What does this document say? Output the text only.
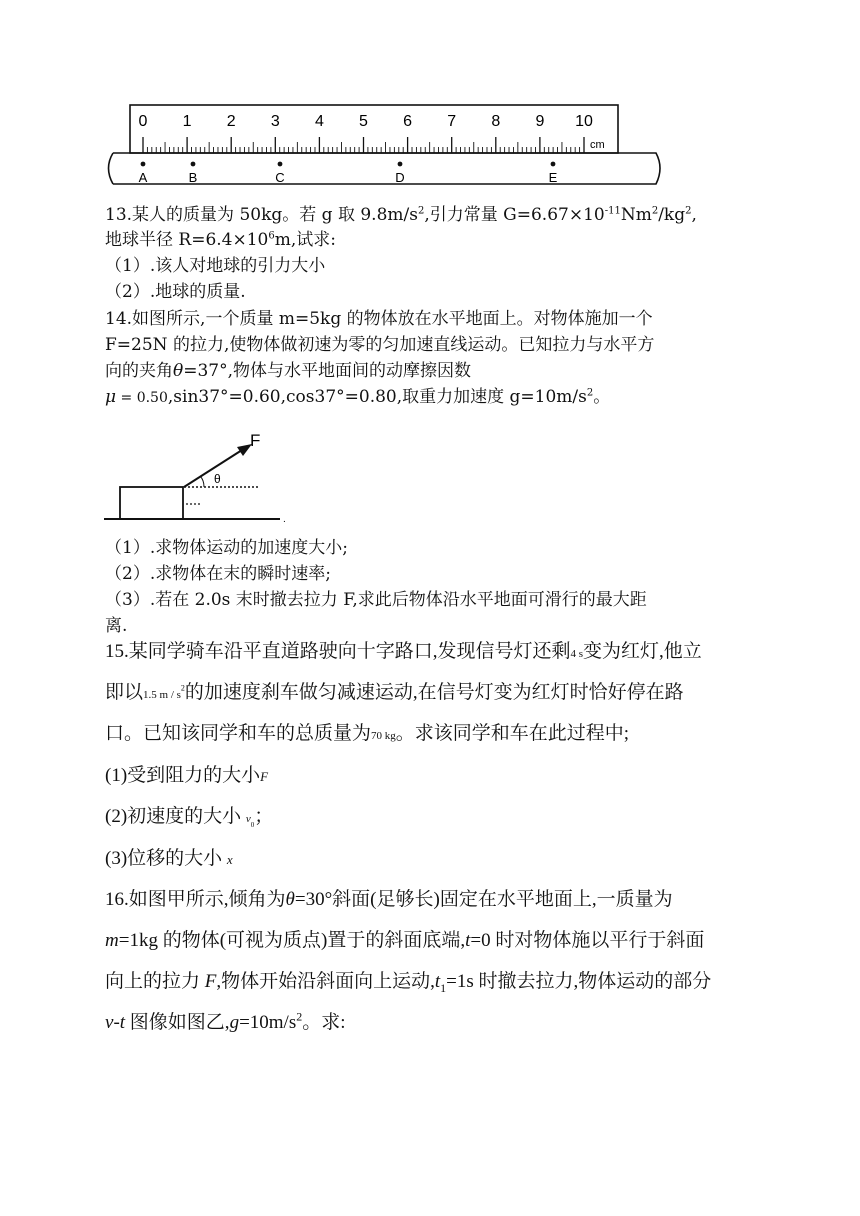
0 1 2 3 4 5 6 7 8 9 10
cm
A	B	C	D	E
13.某人的质量为 50kg。若 g 取 $9.8m/s^2$,引力常量 $G=6.67\times 10^{-11}Nm^2/kg^2$,
地球半径 $R=6.4\times 10^6m$,试求:
（1）.该人对地球的引力大小
（2）.地球的质量.
14.如图所示,一个质量 m=5kg 的物体放在水平地面上。对物体施加一个
F=25N 的拉力,使物体做初速为零的匀加速直线运动。已知拉力与水平方
向的夹角θ=37°,物体与水平地面间的动摩擦因数
μ = 0.50,sin37°=0.60,cos37°=0.80,取重力加速度 $g=10m/s^2$。
F
θ
.
（1）.求物体运动的加速度大小;
（2）.求物体在末的瞬时速率;
（3）.若在 2.0s 末时撤去拉力 F,求此后物体沿水平地面可滑行的最大距
离.
15.某同学骑车沿平直道路驶向十字路口,发现信号灯还剩4 s变为红灯,他立
即以1.5 m / $s^2$的加速度刹车做匀减速运动,在信号灯变为红灯时恰好停在路
口。已知该同学和车的总质量为70 kg。求该同学和车在此过程中;
(1)受到阻力的大小F
(2)初速度的大小 $v_0$；
(3)位移的大小 x
16.如图甲所示,倾角为θ=30°斜面(足够长)固定在水平地面上,一质量为
m=1kg 的物体(可视为质点)置于的斜面底端,t=0 时对物体施以平行于斜面
向上的拉力 F,物体开始沿斜面向上运动$,t_1=1s$ 时撤去拉力,物体运动的部分
v-t 图像如图乙$,g=10m/s^2$。求:
